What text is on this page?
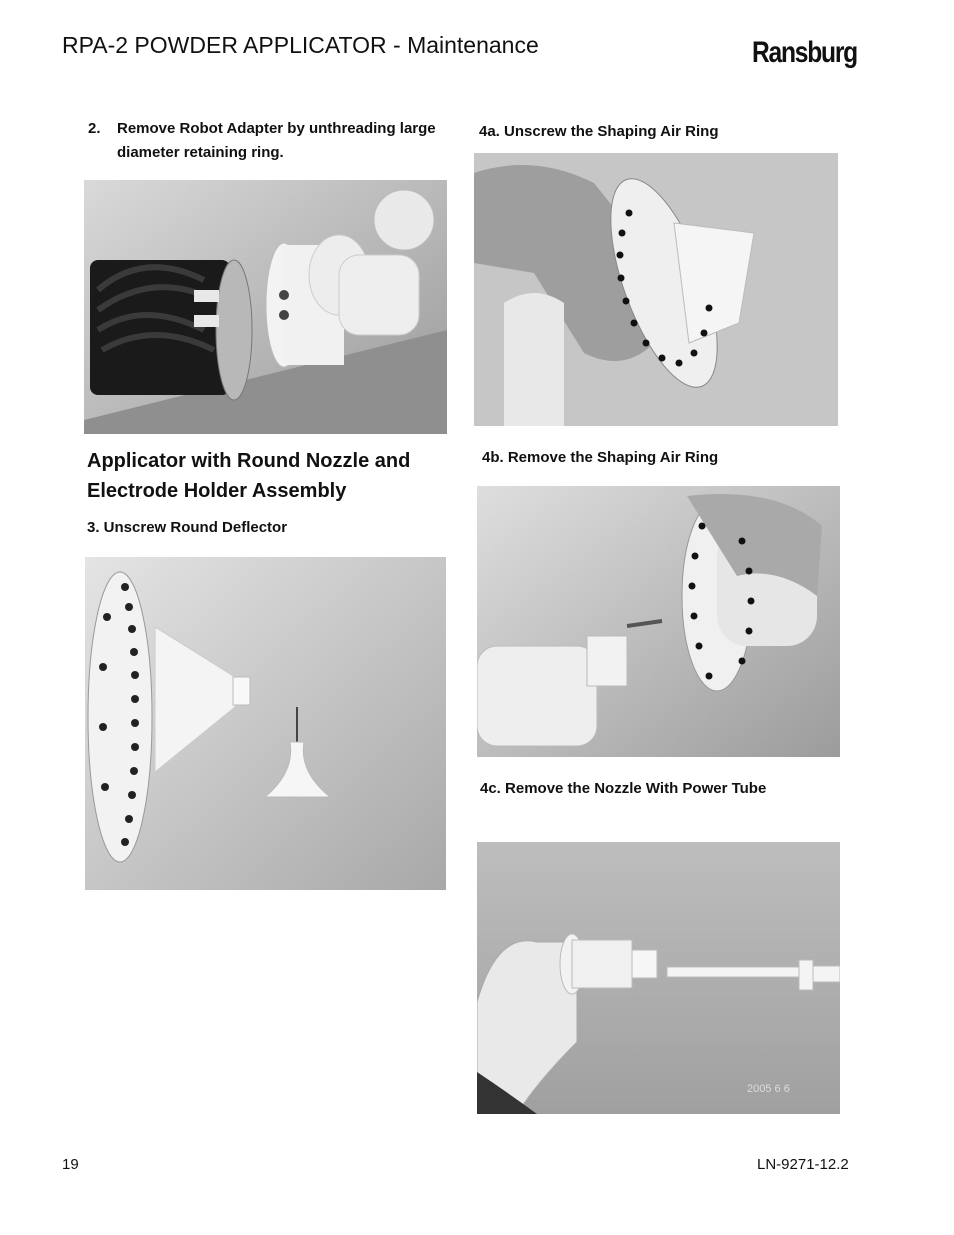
RPA-2 POWDER APPLICATOR - Maintenance	Ransburg
2. Remove Robot Adapter by unthreading large diameter retaining ring.
Applicator with Round Nozzle and Electrode Holder Assembly
3. Unscrew Round Deflector
4a. Unscrew the Shaping Air Ring
4b. Remove the Shaping Air Ring
4c. Remove the Nozzle With Power Tube
2005 6 6
19	LN-9271-12.2
